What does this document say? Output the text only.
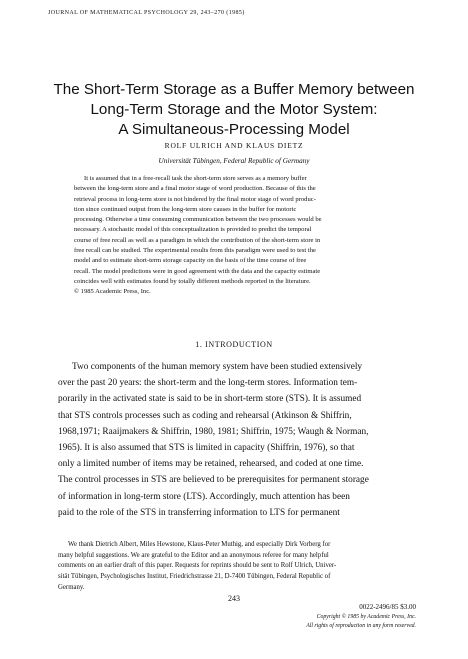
JOURNAL OF MATHEMATICAL PSYCHOLOGY 29, 243–270 (1985)
The Short-Term Storage as a Buffer Memory between
Long-Term Storage and the Motor System:
A Simultaneous-Processing Model
ROLF ULRICH AND KLAUS DIETZ
Universität Tübingen, Federal Republic of Germany
It is assumed that in a free-recall task the short-term store serves as a memory buffer
between the long-term store and a final motor stage of word production. Because of this the
retrieval process in long-term store is not hindered by the final motor stage of word produc-
tion since continued output from the long-term store causes in the buffer for motoric
processing. Otherwise a time consuming communication between the two processes would be
necessary. A stochastic model of this conceptualization is provided to predict the temporal
course of free recall as well as a paradigm in which the contribution of the short-term store in
free recall can be studied. The experimental results from this paradigm were used to test the
model and to estimate short-term storage capacity on the basis of the time course of free
recall. The model predictions were in good agreement with the data and the capacity estimate
coincides well with estimates found by totally different methods reported in the literature.
© 1985 Academic Press, Inc.
1. INTRODUCTION
Two components of the human memory system have been studied extensively
over the past 20 years: the short-term and the long-term stores. Information tem-
porarily in the activated state is said to be in short-term store (STS). It is assumed
that STS controls processes such as coding and rehearsal (Atkinson & Shiffrin,
1968,1971; Raaijmakers & Shiffrin, 1980, 1981; Shiffrin, 1975; Waugh & Norman,
1965). It is also assumed that STS is limited in capacity (Shiffrin, 1976), so that
only a limited number of items may be retained, rehearsed, and coded at one time.
The control processes in STS are believed to be prerequisites for permanent storage
of information in long-term store (LTS). Accordingly, much attention has been
paid to the role of the STS in transferring information to LTS for permanent
We thank Dietrich Albert, Miles Hewstone, Klaus-Peter Muthig, and especially Dirk Vorberg for
many helpful suggestions. We are grateful to the Editor and an anonymous referee for many helpful
comments on an earlier draft of this paper. Requests for reprints should be sent to Rolf Ulrich, Univer-
sität Tübingen, Psychologisches Institut, Friedrichstrasse 21, D-7400 Tübingen, Federal Republic of
Germany.
243
0022-2496/85 $3.00
Copyright © 1985 by Academic Press, Inc.
All rights of reproduction in any form reserved.
